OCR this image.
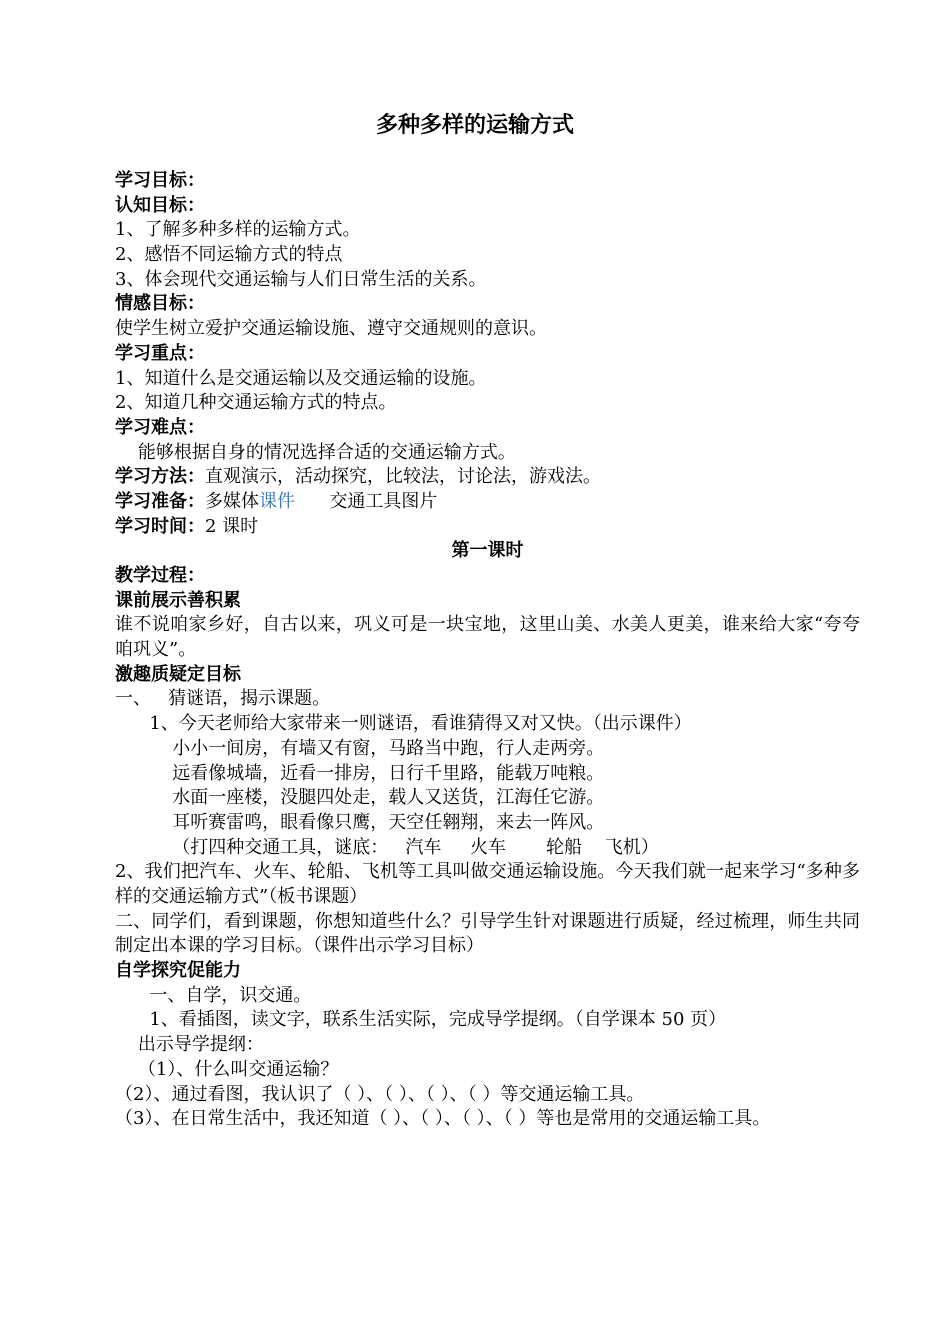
多种多样的运输方式
学习目标：
认知目标：
1、了解多种多样的运输方式。
2、感悟不同运输方式的特点
3、体会现代交通运输与人们日常生活的关系。
情感目标：
使学生树立爱护交通运输设施、遵守交通规则的意识。
学习重点：
1、知道什么是交通运输以及交通运输的设施。
2、知道几种交通运输方式的特点。
学习难点：
能够根据自身的情况选择合适的交通运输方式。
学习方法：直观演示，活动探究，比较法，讨论法，游戏法。
学习准备：多媒体课件      交通工具图片
学习时间：2 课时
第一课时
教学过程：
课前展示善积累
谁不说咱家乡好，自古以来，巩义可是一块宝地，这里山美、水美人更美，谁来给大家“夸夸咱巩义”。
激趣质疑定目标
一、   猜谜语，揭示课题。
1、今天老师给大家带来一则谜语，看谁猜得又对又快。（出示课件）
小小一间房，有墙又有窗，马路当中跑，行人走两旁。
远看像城墙，近看一排房，日行千里路，能载万吨粮。
水面一座楼，没腿四处走，载人又送货，江海任它游。
耳听赛雷鸣，眼看像只鹰，天空任翱翔，来去一阵风。
（打四种交通工具，谜底：   汽车     火车       轮船    飞机）
2、我们把汽车、火车、轮船、飞机等工具叫做交通运输设施。今天我们就一起来学习“多种多样的交通运输方式”（板书课题）
二、同学们，看到课题，你想知道些什么？引导学生针对课题进行质疑，经过梳理，师生共同制定出本课的学习目标。（课件出示学习目标）
自学探究促能力
一、自学，识交通。
1、看插图，读文字，联系生活实际，完成导学提纲。（自学课本 50 页）
出示导学提纲：
（1）、什么叫交通运输？
（2）、通过看图，我认识了（ ）、（ ）、（ ）、（ ）等交通运输工具。
（3）、在日常生活中，我还知道（ ）、（ ）、（ ）、（ ）等也是常用的交通运输工具。
